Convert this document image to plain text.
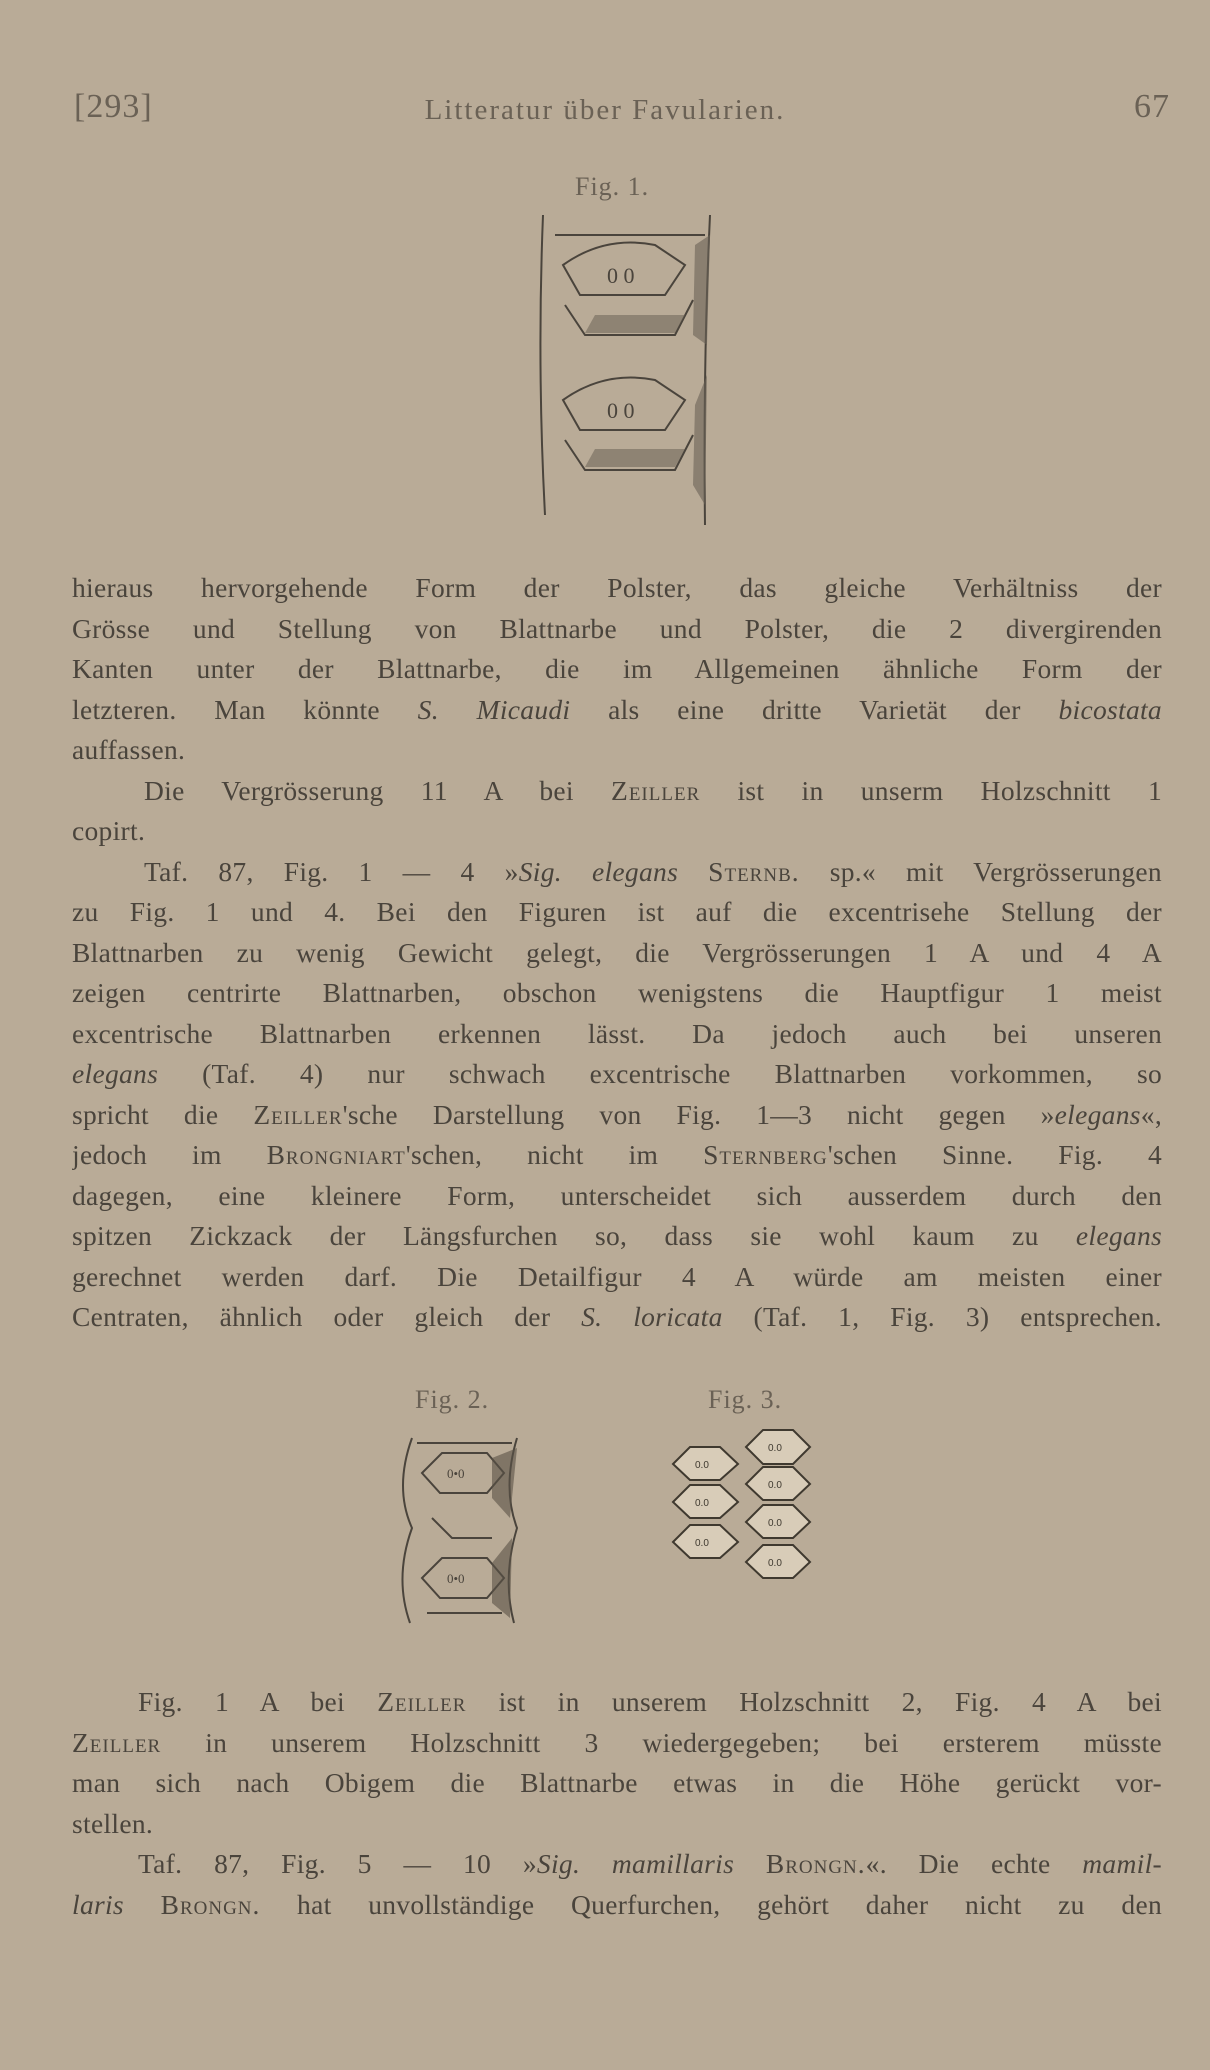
[293]	Litteratur über Favularien.	67
Fig. 1.
0 0
0 0
hieraus hervorgehende Form der Polster, das gleiche Verhältniss der
Grösse und Stellung von Blattnarbe und Polster, die 2 divergirenden
Kanten unter der Blattnarbe, die im Allgemeinen ähnliche Form der
letzteren. Man könnte S. Micaudi als eine dritte Varietät der bicostata
auffassen.
Die Vergrösserung 11 A bei Zeiller ist in unserm Holzschnitt 1
copirt.
Taf. 87, Fig. 1 — 4 »Sig. elegans Sternb. sp.« mit Vergrösserungen
zu Fig. 1 und 4. Bei den Figuren ist auf die excentrisehe Stellung der
Blattnarben zu wenig Gewicht gelegt, die Vergrösserungen 1 A und 4 A
zeigen centrirte Blattnarben, obschon wenigstens die Hauptfigur 1 meist
excentrische Blattnarben erkennen lässt. Da jedoch auch bei unseren
elegans (Taf. 4) nur schwach excentrische Blattnarben vorkommen, so
spricht die Zeiller'sche Darstellung von Fig. 1—3 nicht gegen »elegans«,
jedoch im Brongniart'schen, nicht im Sternberg'schen Sinne. Fig. 4
dagegen, eine kleinere Form, unterscheidet sich ausserdem durch den
spitzen Zickzack der Längsfurchen so, dass sie wohl kaum zu elegans
gerechnet werden darf. Die Detailfigur 4 A würde am meisten einer
Centraten, ähnlich oder gleich der S. loricata (Taf. 1, Fig. 3) entsprechen.
Fig. 2.
0•0
0•0
Fig. 3.
0.0
0.0
0.0
0.0
0.0
0.0
0.0
Fig. 1 A bei Zeiller ist in unserem Holzschnitt 2, Fig. 4 A bei
Zeiller in unserem Holzschnitt 3 wiedergegeben; bei ersterem müsste
man sich nach Obigem die Blattnarbe etwas in die Höhe gerückt vor-
stellen.
Taf. 87, Fig. 5 — 10 »Sig. mamillaris Brongn.«. Die echte mamil-
laris Brongn. hat unvollständige Querfurchen, gehört daher nicht zu den
